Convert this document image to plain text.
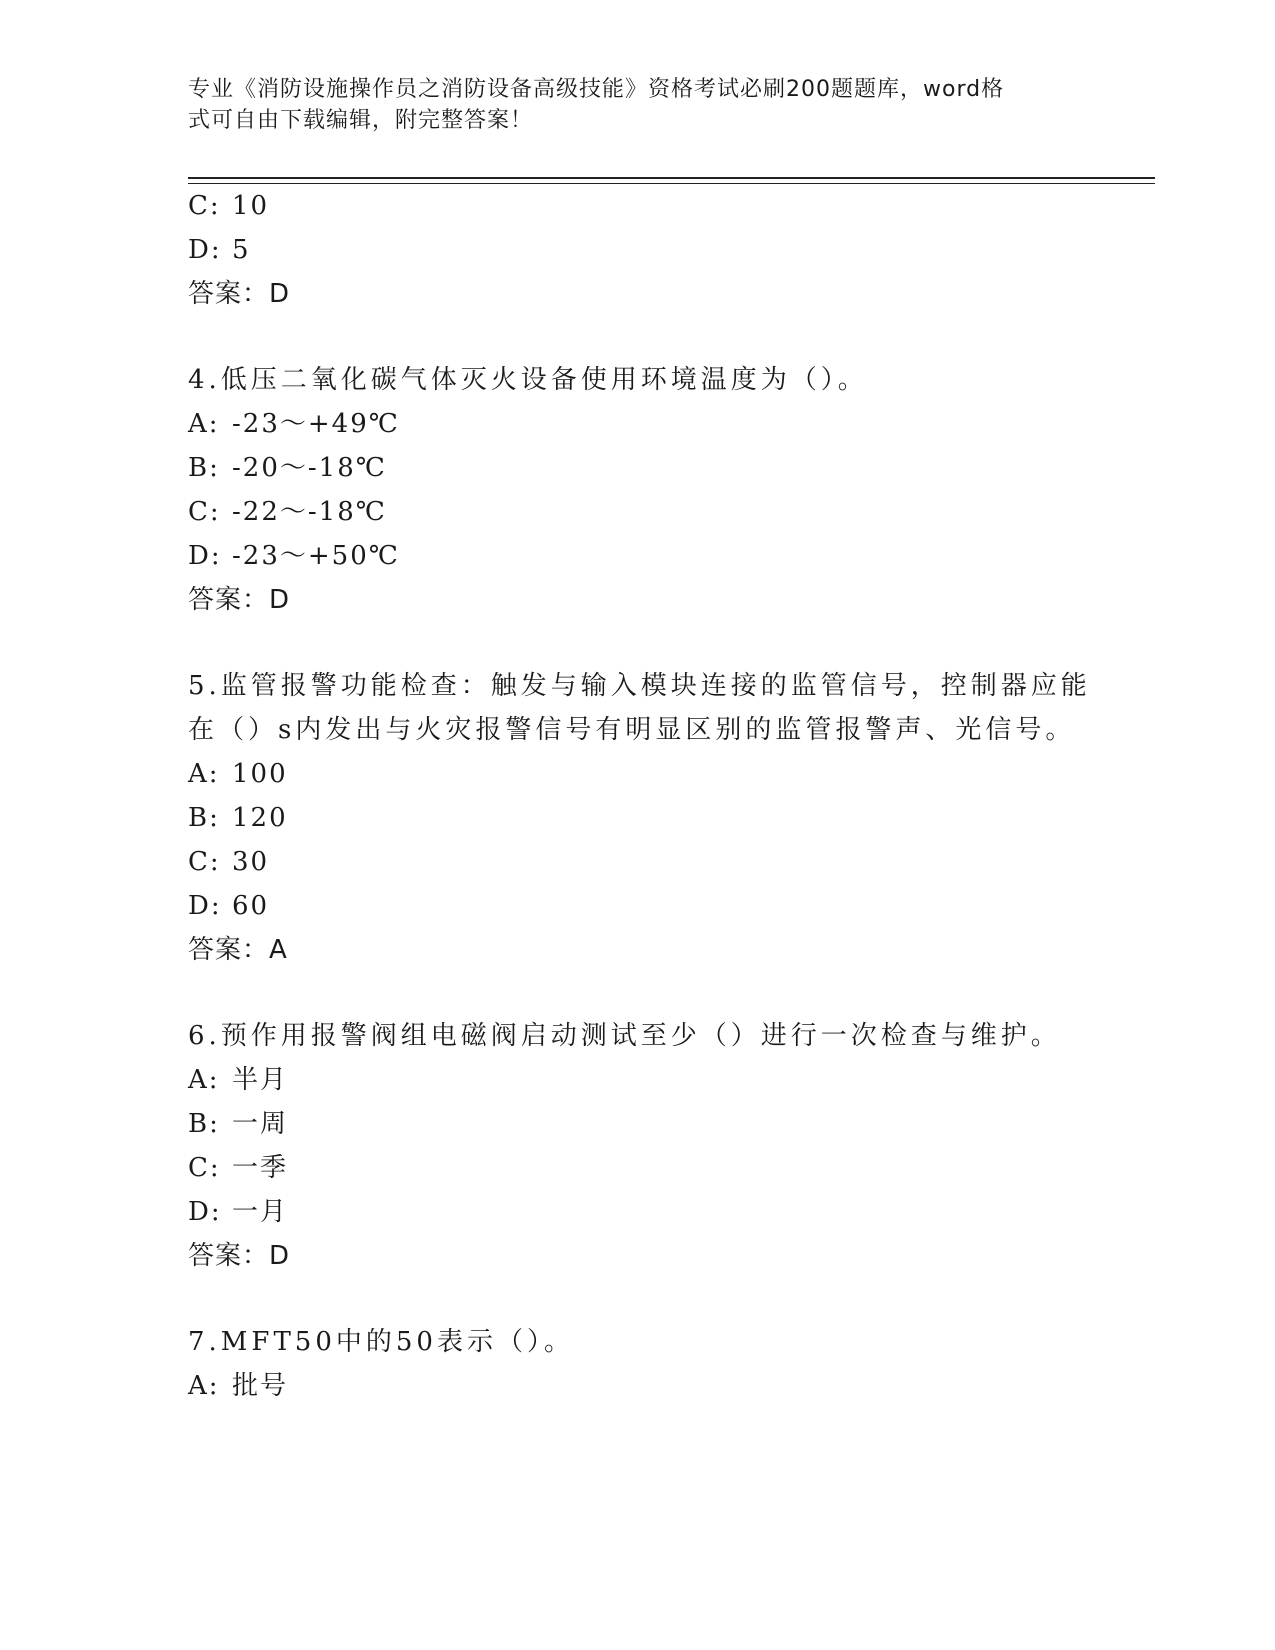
专业《消防设施操作员之消防设备高级技能》资格考试必刷200题题库，word格
式可自由下载编辑，附完整答案！
C: 10
D: 5
答案：D
4.低压二氧化碳气体灭火设备使用环境温度为（）。
A: -23～+49℃
B: -20～-18℃
C: -22～-18℃
D: -23～+50℃
答案：D
5.监管报警功能检查：触发与输入模块连接的监管信号，控制器应能
在（）s内发出与火灾报警信号有明显区别的监管报警声、光信号。
A: 100
B: 120
C: 30
D: 60
答案：A
6.预作用报警阀组电磁阀启动测试至少（）进行一次检查与维护。
A: 半月
B: 一周
C: 一季
D: 一月
答案：D
7.MFT50中的50表示（）。
A: 批号
